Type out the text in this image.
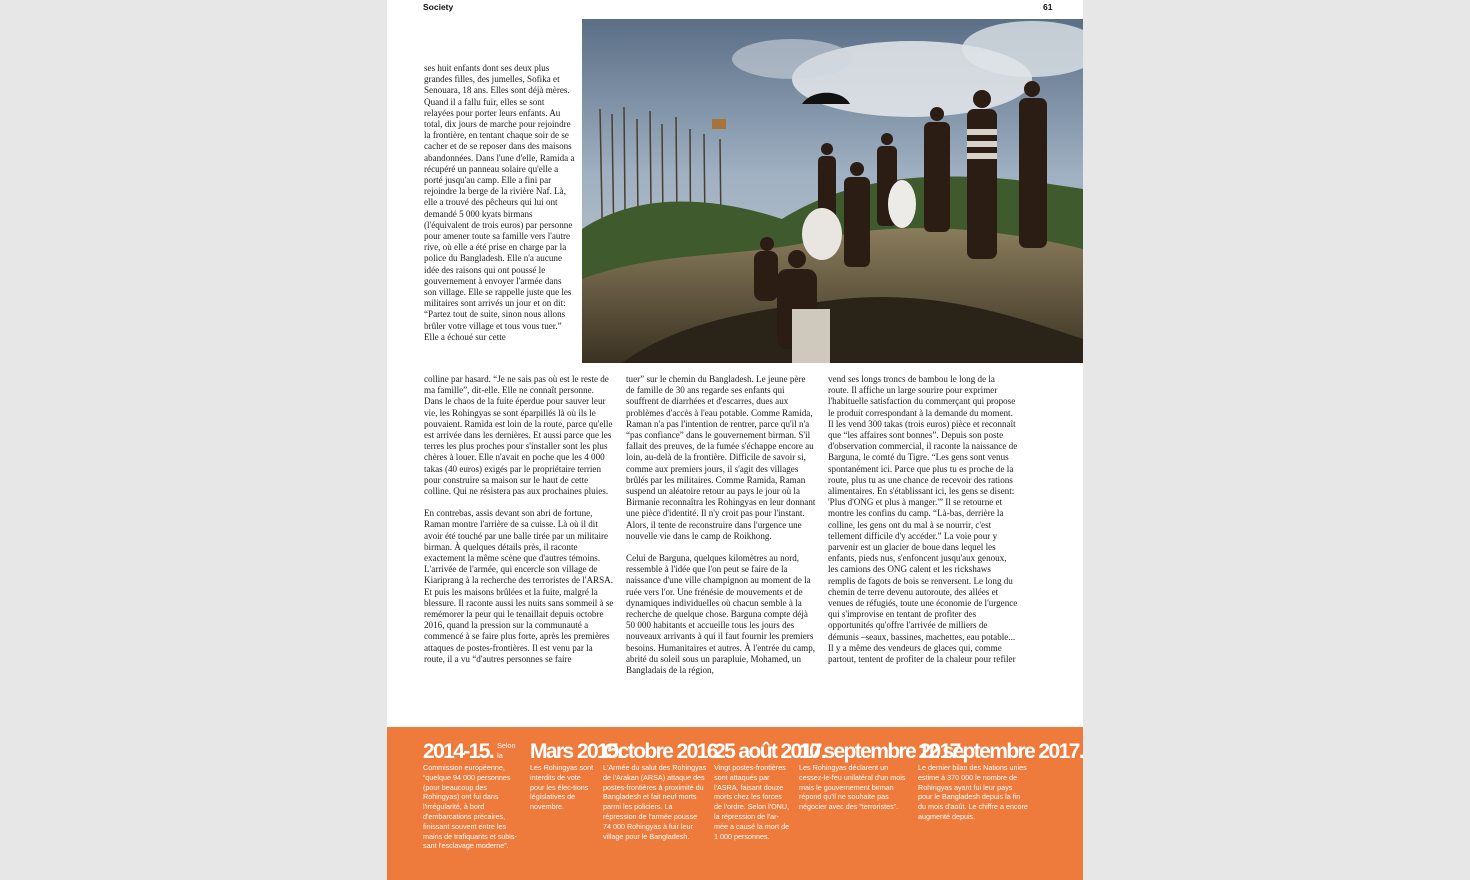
Society	61

ses huit enfants dont ses deux plus grandes filles, des jumelles, Sofika et Senouara, 18 ans. Elles sont déjà mères. Quand il a fallu fuir, elles se sont relayées pour porter leurs enfants. Au total, dix jours de marche pour rejoindre la frontière, en tentant chaque soir de se cacher et de se reposer dans des maisons abandonnées. Dans l'une d'elle, Ramida a récupéré un panneau solaire qu'elle a porté jusqu'au camp. Elle a fini par rejoindre la berge de la rivière Naf. Là, elle a trouvé des pêcheurs qui lui ont demandé 5 000 kyats birmans (l'équivalent de trois euros) par personne pour amener toute sa famille vers l'autre rive, où elle a été prise en charge par la police du Bangladesh. Elle n'a aucune idée des raisons qui ont poussé le gouvernement à envoyer l'armée dans son village. Elle se rappelle juste que les militaires sont arrivés un jour et on dit: “Partez tout de suite, sinon nous allons brûler votre village et tous vous tuer.” Elle a échoué sur cette

colline par hasard. “Je ne sais pas où est le reste de ma famille”, dit-elle. Elle ne connaît personne. Dans le chaos de la fuite éperdue pour sauver leur vie, les Rohingyas se sont éparpillés là où ils le pouvaient. Ramida est loin de la route, parce qu'elle est arrivée dans les dernières. Et aussi parce que les terres les plus proches pour s'installer sont les plus chères à louer. Elle n'avait en poche que les 4 000 takas (40 euros) exigés par le propriétaire terrien pour construire sa maison sur le haut de cette colline. Qui ne résistera pas aux prochaines pluies.

En contrebas, assis devant son abri de fortune, Raman montre l'arrière de sa cuisse. Là où il dit avoir été touché par une balle tirée par un militaire birman. À quelques détails près, il raconte exactement la même scène que d'autres témoins. L'arrivée de l'armée, qui encercle son village de Kiariprang à la recherche des terroristes de l'ARSA. Et puis les maisons brûlées et la fuite, malgré la blessure. Il raconte aussi les nuits sans sommeil à se remémorer la peur qui le tenaillait depuis octobre 2016, quand la pression sur la communauté a commencé à se faire plus forte, après les premières attaques de postes-frontières. Il est venu par la route, il a vu “d'autres personnes se faire

tuer” sur le chemin du Bangladesh. Le jeune père de famille de 30 ans regarde ses enfants qui souffrent de diarrhées et d'escarres, dues aux problèmes d'accès à l'eau potable. Comme Ramida, Raman n'a pas l'intention de rentrer, parce qu'il n'a “pas confiance” dans le gouvernement birman. S'il fallait des preuves, de la fumée s'échappe encore au loin, au-delà de la frontière. Difficile de savoir si, comme aux premiers jours, il s'agit des villages brûlés par les militaires. Comme Ramida, Raman suspend un aléatoire retour au pays le jour où la Birmanie reconnaîtra les Rohingyas en leur donnant une pièce d'identité. Il n'y croit pas pour l'instant. Alors, il tente de reconstruire dans l'urgence une nouvelle vie dans le camp de Roikhong.

Celui de Barguna, quelques kilomètres au nord, ressemble à l'idée que l'on peut se faire de la naissance d'une ville champignon au moment de la ruée vers l'or. Une frénésie de mouvements et de dynamiques individuelles où chacun semble à la recherche de quelque chose. Barguna compte déjà 50 000 habitants et accueille tous les jours des nouveaux arrivants à qui il faut fournir les premiers besoins. Humanitaires et autres. À l'entrée du camp, abrité du soleil sous un parapluie, Mohamed, un Bangladais de la région,

vend ses longs troncs de bambou le long de la route. Il affiche un large sourire pour exprimer l'habituelle satisfaction du commerçant qui propose le produit correspondant à la demande du moment. Il les vend 300 takas (trois euros) pièce et reconnaît que “les affaires sont bonnes”. Depuis son poste d'observation commercial, il raconte la naissance de Barguna, le comté du Tigre. “Les gens sont venus spontanément ici. Parce que plus tu es proche de la route, plus tu as une chance de recevoir des rations alimentaires. En s'établissant ici, les gens se disent: 'Plus d'ONG et plus à manger.'” Il se retourne et montre les confins du camp. “Là-bas, derrière la colline, les gens ont du mal à se nourrir, c'est tellement difficile d'y accéder.” La voie pour y parvenir est un glacier de boue dans lequel les enfants, pieds nus, s'enfoncent jusqu'aux genoux, les camions des ONG calent et les rickshaws remplis de fagots de bois se renversent. Le long du chemin de terre devenu autoroute, des allées et venues de réfugiés, toute une économie de l'urgence qui s'improvise en tentant de profiter des opportunités qu'offre l'arrivée de milliers de démunis –seaux, bassines, machettes, eau potable... Il y a même des vendeurs de glaces qui, comme partout, tentent de profiter de la chaleur pour refiler

2014-15. Selon la Commission européenne, “quelque 94 000 personnes (pour beaucoup des Rohingyas) ont fui dans l'irrégularité, à bord d'embarcations précaires, finissant souvent entre les mains de trafiquants et subis-sant l'esclavage moderne”.
Mars 2015.
Les Rohingyas sont interdits de vote pour les élec-tions législatives de novembre.
Octobre 2016.
L'Armée du salut des Rohingyas de l'Arakan (ARSA) attaque des postes-frontières à proximité du Bangladesh et fait neuf morts parmi les policiers. La répression de l'armée pousse 74 000 Rohingyas à fuir leur village pour le Bangladesh.
25 août 2017.
Vingt postes-frontières sont attaqués par l'ASRA, faisant douze morts chez les forces de l'ordre. Selon l'ONU, la répression de l'ar-mée a causé la mort de 1 000 personnes.
10 septembre 2017.
Les Rohingyas déclarent un cessez-le-feu unilatéral d'un mois mais le gouvernement birman répond qu'il ne souhaite pas négocier avec des “terroristes”.
12 septembre 2017.
Le dernier bilan des Nations unies estime à 370 000 le nombre de Rohingyas ayant fui leur pays pour le Bangladesh depuis la fin du mois d'août. Le chiffre a encore augmenté depuis.
